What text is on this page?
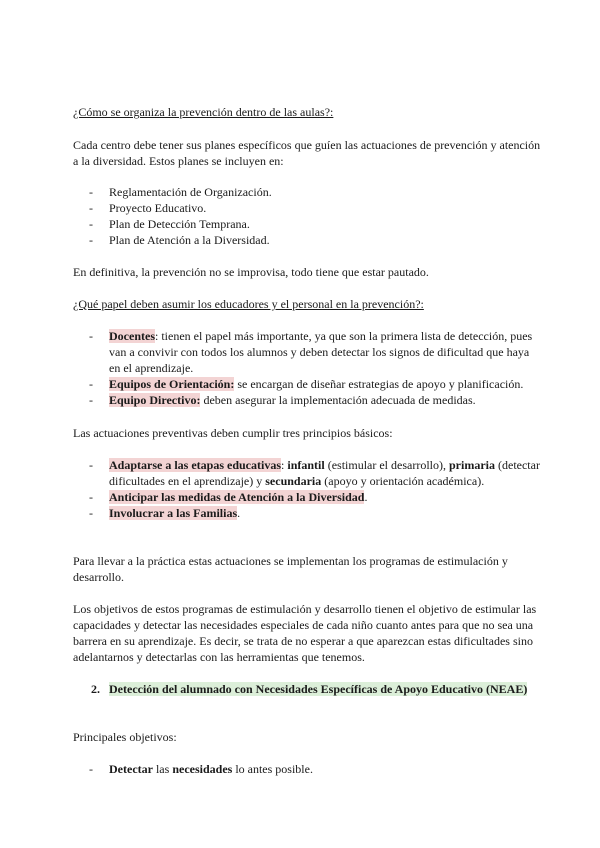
¿Cómo se organiza la prevención dentro de las aulas?:

Cada centro debe tener sus planes específicos que guíen las actuaciones de prevención y atención a la diversidad. Estos planes se incluyen en:

- Reglamentación de Organización.
- Proyecto Educativo.
- Plan de Detección Temprana.
- Plan de Atención a la Diversidad.

En definitiva, la prevención no se improvisa, todo tiene que estar pautado.

¿Qué papel deben asumir los educadores y el personal en la prevención?:

- Docentes: tienen el papel más importante, ya que son la primera lista de detección, pues van a convivir con todos los alumnos y deben detectar los signos de dificultad que haya en el aprendizaje.
- Equipos de Orientación: se encargan de diseñar estrategias de apoyo y planificación.
- Equipo Directivo: deben asegurar la implementación adecuada de medidas.

Las actuaciones preventivas deben cumplir tres principios básicos:

- Adaptarse a las etapas educativas: infantil (estimular el desarrollo), primaria (detectar dificultades en el aprendizaje) y secundaria (apoyo y orientación académica).
- Anticipar las medidas de Atención a la Diversidad.
- Involucrar a las Familias.

Para llevar a la práctica estas actuaciones se implementan los programas de estimulación y desarrollo.

Los objetivos de estos programas de estimulación y desarrollo tienen el objetivo de estimular las capacidades y detectar las necesidades especiales de cada niño cuanto antes para que no sea una barrera en su aprendizaje. Es decir, se trata de no esperar a que aparezcan estas dificultades sino adelantarnos y detectarlas con las herramientas que tenemos.

2. Detección del alumnado con Necesidades Específicas de Apoyo Educativo (NEAE)

Principales objetivos:

- Detectar las necesidades lo antes posible.
